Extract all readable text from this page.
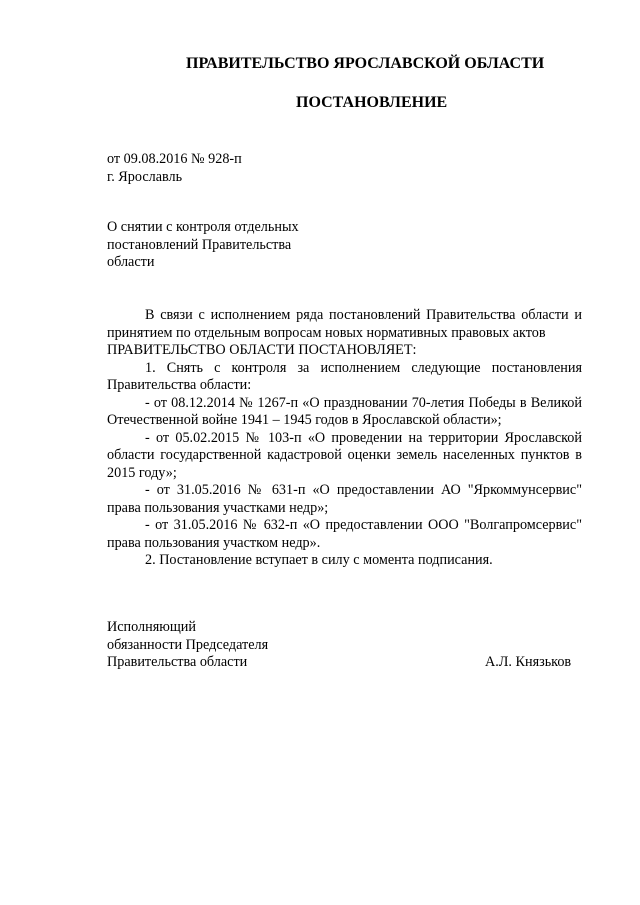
ПРАВИТЕЛЬСТВО ЯРОСЛАВСКОЙ ОБЛАСТИ
ПОСТАНОВЛЕНИЕ
от 09.08.2016 № 928-п
г. Ярославль
О снятии с контроля отдельных
постановлений Правительства
области

В связи с исполнением ряда постановлений Правительства области и принятием по отдельным вопросам новых нормативных правовых актов

ПРАВИТЕЛЬСТВО ОБЛАСТИ ПОСТАНОВЛЯЕТ:

1. Снять с контроля за исполнением следующие постановления Правительства области:

- от 08.12.2014 № 1267-п «О праздновании 70-летия Победы в Великой Отечественной войне 1941 – 1945 годов в Ярославской области»;

- от 05.02.2015 № 103-п «О проведении на территории Ярославской области государственной кадастровой оценки земель населенных пунктов в 2015 году»;

- от 31.05.2016 № 631-п «О предоставлении АО "Яркоммунсервис" права пользования участками недр»;

- от 31.05.2016 № 632-п «О предоставлении ООО "Волгапромсервис" права пользования участком недр».

2. Постановление вступает в силу с момента подписания.

Исполняющий
обязанности Председателя
Правительства области	А.Л. Князьков
